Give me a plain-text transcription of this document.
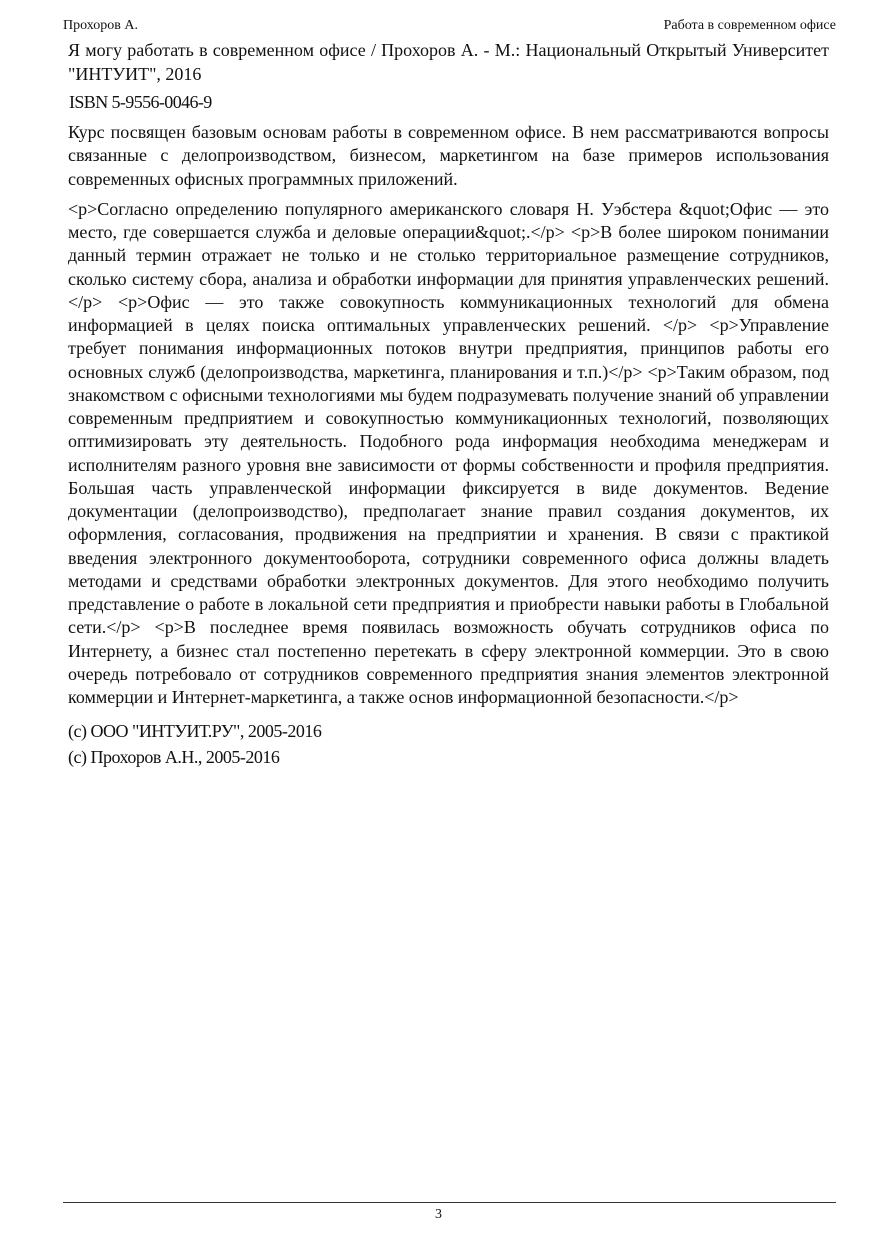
Прохоров А.	Работа в современном офисе

Я могу работать в современном офисе / Прохоров А. - М.: Национальный Открытый Университет "ИНТУИТ", 2016

ISBN 5-9556-0046-9

Курс посвящен базовым основам работы в современном офисе. В нем рассматриваются вопросы связанные с делопроизводством, бизнесом, маркетингом на базе примеров использования современных офисных программных приложений.

<p>Согласно определению популярного американского словаря Н. Уэбстера &quot;Офис — это место, где совершается служба и деловые операции&quot;.</p> <p>В более широком понимании данный термин отражает не только и не столько территориальное размещение сотрудников, сколько систему сбора, анализа и обработки информации для принятия управленческих решений.</p> <p>Офис — это также совокупность коммуникационных технологий для обмена информацией в целях поиска оптимальных управленческих решений. </p> <p>Управление требует понимания информационных потоков внутри предприятия, принципов работы его основных служб (делопроизводства, маркетинга, планирования и т.п.)</p> <p>Таким образом, под знакомством с офисными технологиями мы будем подразумевать получение знаний об управлении современным предприятием и совокупностью коммуникационных технологий, позволяющих оптимизировать эту деятельность. Подобного рода информация необходима менеджерам и исполнителям разного уровня вне зависимости от формы собственности и профиля предприятия. Большая часть управленческой информации фиксируется в виде документов. Ведение документации (делопроизводство), предполагает знание правил создания документов, их оформления, согласования, продвижения на предприятии и хранения. В связи с практикой введения электронного документооборота, сотрудники современного офиса должны владеть методами и средствами обработки электронных документов. Для этого необходимо получить представление о работе в локальной сети предприятия и приобрести навыки работы в Глобальной сети.</p> <p>В последнее время появилась возможность обучать сотрудников офиса по Интернету, а бизнес стал постепенно перетекать в сферу электронной коммерции. Это в свою очередь потребовало от сотрудников современного предприятия знания элементов электронной коммерции и Интернет-маркетинга, а также основ информационной безопасности.</p>

(c) ООО "ИНТУИТ.РУ", 2005-2016

(c) Прохоров А.Н., 2005-2016

3
